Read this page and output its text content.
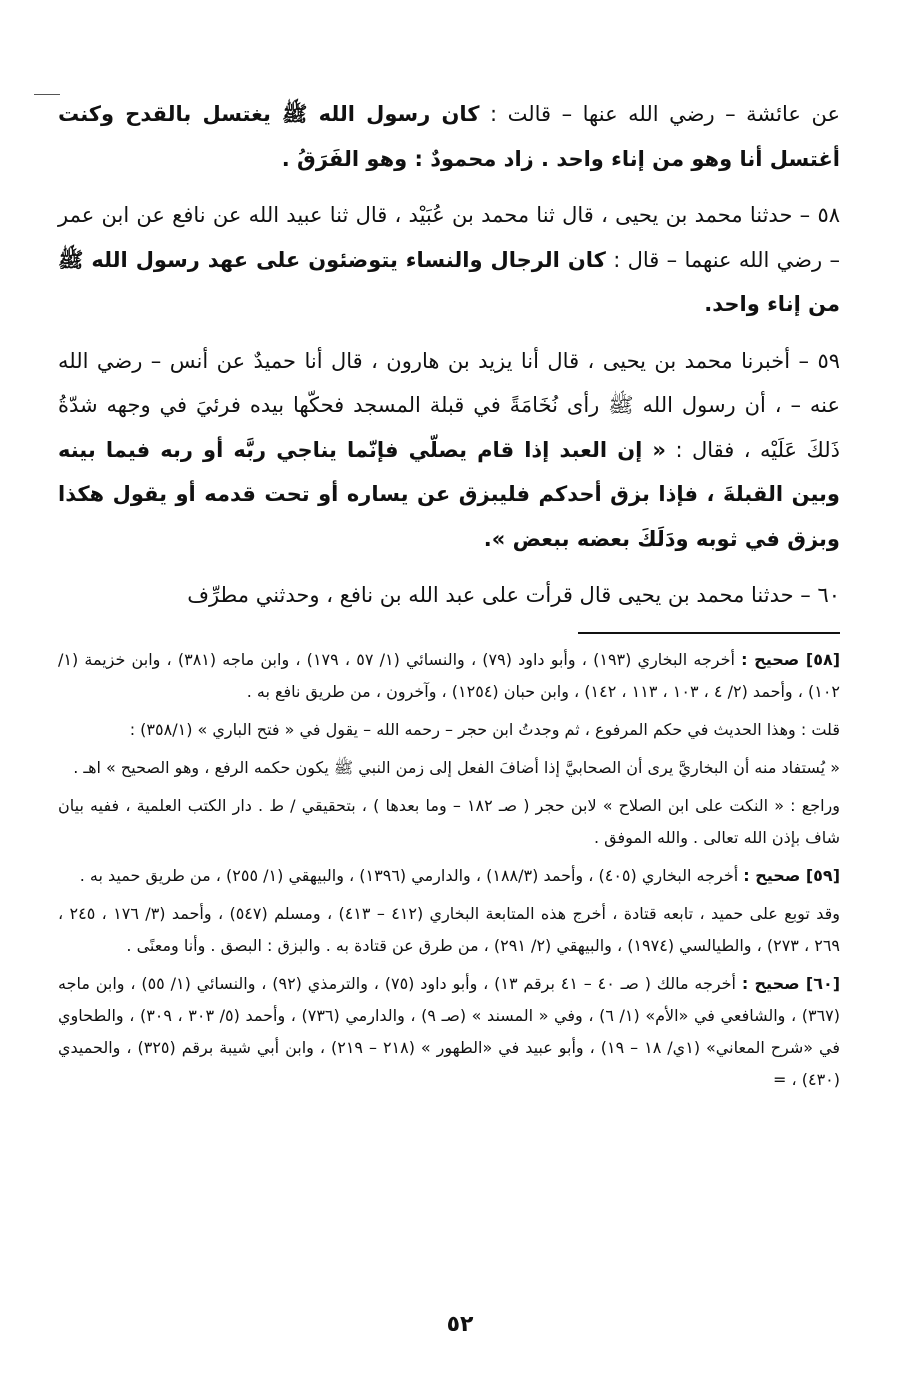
عن عائشة – رضي الله عنها – قالت : كان رسول الله ﷺ يغتسل بالقدح وكنت أغتسل أنا وهو من إناء واحد . زاد محمودٌ : وهو الفَرَقُ .

٥٨ – حدثنا محمد بن يحيى ، قال ثنا محمد بن عُبَيْد ، قال ثنا عبيد الله عن نافع عن ابن عمر – رضي الله عنهما – قال : كان الرجال والنساء يتوضئون على عهد رسول الله ﷺ من إناء واحد.

٥٩ – أخبرنا محمد بن يحيى ، قال أنا يزيد بن هارون ، قال أنا حميدٌ عن أنس – رضي الله عنه – ، أن رسول الله ﷺ رأى نُخَامَةً في قبلة المسجد فحكّها بيده فرئيَ في وجهه شدّةُ ذَلكَ عَلَيْه ، فقال : « إن العبد إذا قام يصلّي فإنّما يناجي ربَّه أو ربه فيما بينه وبين القبلةَ ، فإذا بزق أحدكم فليبزق عن يساره أو تحت قدمه أو يقول هكذا وبزق في ثوبه ودَلَكَ بعضه ببعض ».

٦٠ – حدثنا محمد بن يحيى قال قرأت على عبد الله بن نافع ، وحدثني مطرِّف

[٥٨] صحيح : أخرجه البخاري (١٩٣) ، وأبو داود (٧٩) ، والنسائي (١/ ٥٧ ، ١٧٩) ، وابن ماجه (٣٨١) ، وابن خزيمة (١/ ١٠٢) ، وأحمد (٢/ ٤ ، ١٠٣ ، ١١٣ ، ١٤٢) ، وابن حبان (١٢٥٤) ، وآخرون ، من طريق نافع به .

قلت : وهذا الحديث في حكم المرفوع ، ثم وجدتُ ابن حجر – رحمه الله – يقول في « فتح الباري » (٣٥٨/١) :

« يُستفاد منه أن البخاريَّ يرى أن الصحابيَّ إذا أضافَ الفعل إلى زمن النبي ﷺ يكون حكمه الرفع ، وهو الصحيح » اهـ .

وراجع : « النكت على ابن الصلاح » لابن حجر ( صـ ١٨٢ – وما بعدها ) ، بتحقيقي / ط . دار الكتب العلمية ، ففيه بيان شاف بإذن الله تعالى . والله الموفق .

[٥٩] صحيح : أخرجه البخاري (٤٠٥) ، وأحمد (١٨٨/٣) ، والدارمي (١٣٩٦) ، والبيهقي (١/ ٢٥٥) ، من طريق حميد به .

وقد توبع على حميد ، تابعه قتادة ، أخرج هذه المتابعة البخاري (٤١٢ – ٤١٣) ، ومسلم (٥٤٧) ، وأحمد (٣/ ١٧٦ ، ٢٤٥ ، ٢٦٩ ، ٢٧٣) ، والطيالسي (١٩٧٤) ، والبيهقي (٢/ ٢٩١) ، من طرق عن قتادة به . والبزق : البصق . وأنا ومعنًى .

[٦٠] صحيح : أخرجه مالك ( صـ ٤٠ – ٤١ برقم ١٣) ، وأبو داود (٧٥) ، والترمذي (٩٢) ، والنسائي (١/ ٥٥) ، وابن ماجه (٣٦٧) ، والشافعي في «الأم» (١/ ٦) ، وفي « المسند » (صـ ٩) ، والدارمي (٧٣٦) ، وأحمد (٥/ ٣٠٣ ، ٣٠٩) ، والطحاوي في «شرح المعاني» (١ي/ ١٨ – ١٩) ، وأبو عبيد في «الطهور » (٢١٨ – ٢١٩) ، وابن أبي شيبة برقم (٣٢٥) ، والحميدي (٤٣٠) ، =

٥٢
